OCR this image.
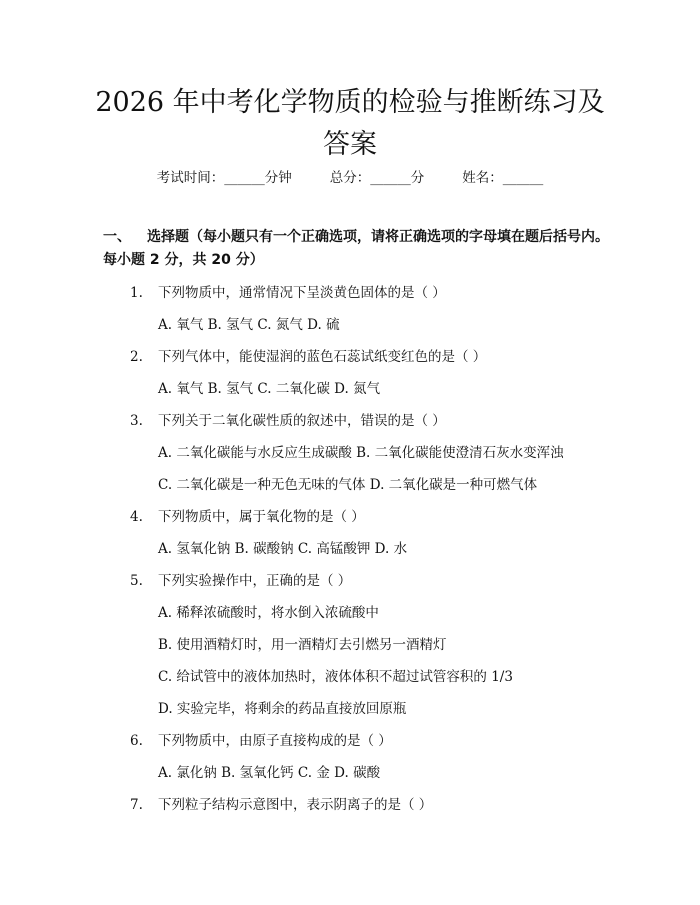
2026 年中考化学物质的检验与推断练习及答案
考试时间：______分钟	总分：______分	姓名：______

一、 选择题（每小题只有一个正确选项，请将正确选项的字母填在题后括号内。每小题 2 分，共 20 分）

1. 下列物质中，通常情况下呈淡黄色固体的是（ ）
A. 氧气 B. 氢气 C. 氮气 D. 硫
2. 下列气体中，能使湿润的蓝色石蕊试纸变红色的是（ ）
A. 氧气 B. 氢气 C. 二氧化碳 D. 氮气
3. 下列关于二氧化碳性质的叙述中，错误的是（ ）
A. 二氧化碳能与水反应生成碳酸 B. 二氧化碳能使澄清石灰水变浑浊
C. 二氧化碳是一种无色无味的气体 D. 二氧化碳是一种可燃气体
4. 下列物质中，属于氧化物的是（ ）
A. 氢氧化钠 B. 碳酸钠 C. 高锰酸钾 D. 水
5. 下列实验操作中，正确的是（ ）
A. 稀释浓硫酸时，将水倒入浓硫酸中
B. 使用酒精灯时，用一酒精灯去引燃另一酒精灯
C. 给试管中的液体加热时，液体体积不超过试管容积的 1/3
D. 实验完毕，将剩余的药品直接放回原瓶
6. 下列物质中，由原子直接构成的是（ ）
A. 氯化钠 B. 氢氧化钙 C. 金 D. 碳酸
7. 下列粒子结构示意图中，表示阴离子的是（ ）
